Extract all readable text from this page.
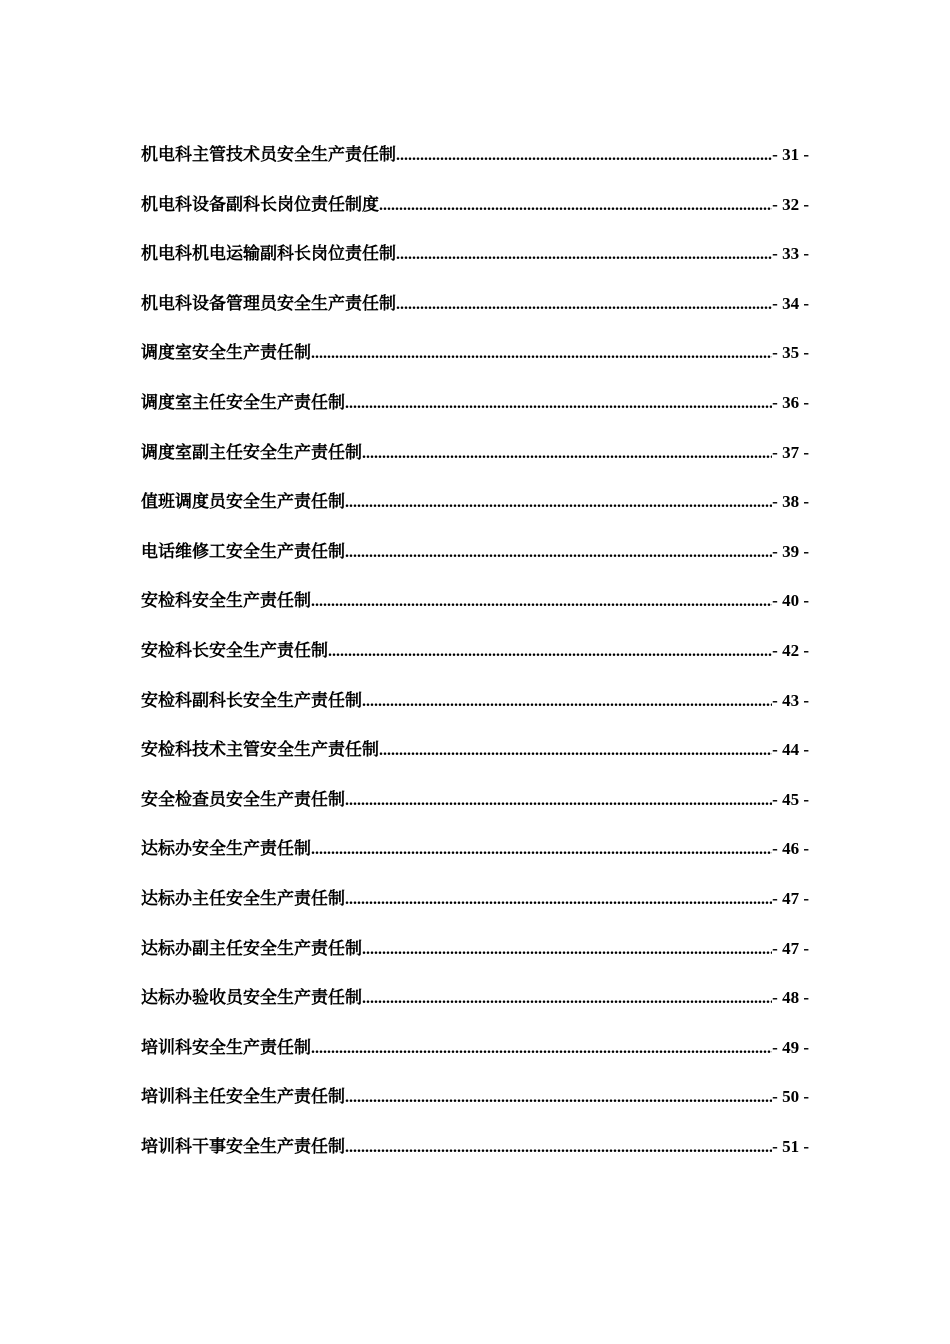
机电科主管技术员安全生产责任制 .....	- 31 -
机电科设备副科长岗位责任制度 .....	- 32 -
机电科机电运输副科长岗位责任制 .....	- 33 -
机电科设备管理员安全生产责任制 .....	- 34 -
调度室安全生产责任制 .....	- 35 -
调度室主任安全生产责任制 .....	- 36 -
调度室副主任安全生产责任制 .....	- 37 -
值班调度员安全生产责任制 .....	- 38 -
电话维修工安全生产责任制 .....	- 39 -
安检科安全生产责任制 .....	- 40 -
安检科长安全生产责任制 .....	- 42 -
安检科副科长安全生产责任制 .....	- 43 -
安检科技术主管安全生产责任制 .....	- 44 -
安全检查员安全生产责任制 .....	- 45 -
达标办安全生产责任制 .....	- 46 -
达标办主任安全生产责任制 .....	- 47 -
达标办副主任安全生产责任制 .....	- 47 -
达标办验收员安全生产责任制 .....	- 48 -
培训科安全生产责任制 .....	- 49 -
培训科主任安全生产责任制 .....	- 50 -
培训科干事安全生产责任制 .....	- 51 -
